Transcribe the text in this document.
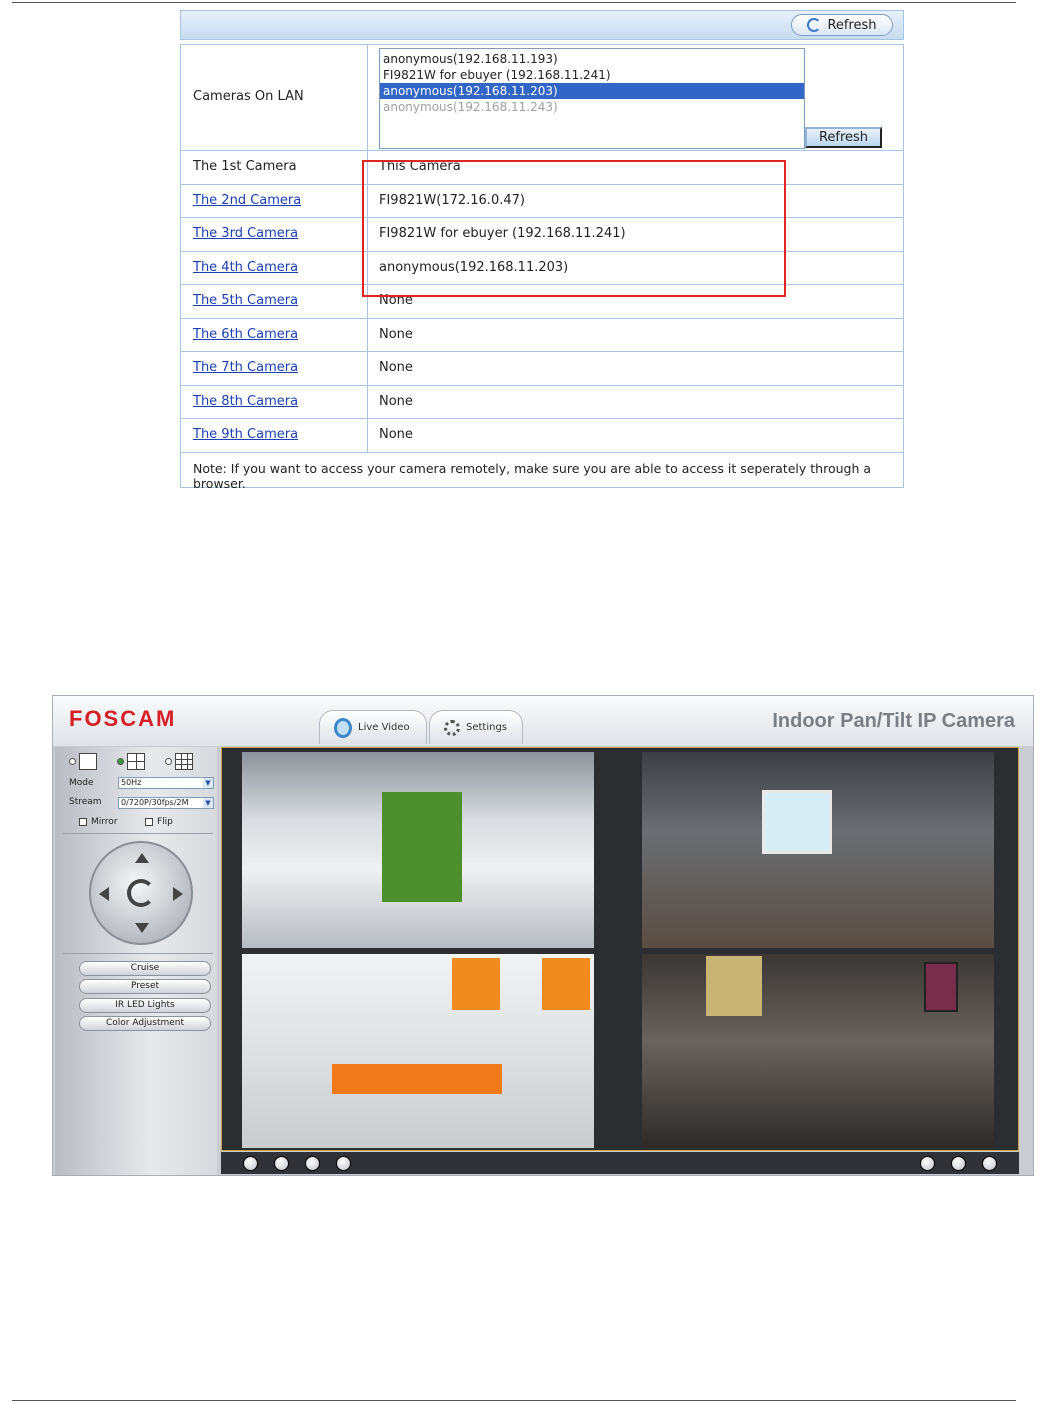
Refresh
Cameras On LAN
anonymous(192.168.11.193)
FI9821W for ebuyer (192.168.11.241)
anonymous(192.168.11.203)
anonymous(192.168.11.243)
Refresh
The 1st Camera	This Camera
The 2nd Camera	FI9821W(172.16.0.47)
The 3rd Camera	FI9821W for ebuyer (192.168.11.241)
The 4th Camera	anonymous(192.168.11.203)
The 5th Camera	None
The 6th Camera	None
The 7th Camera	None
The 8th Camera	None
The 9th Camera	None
Note: If you want to access your camera remotely, make sure you are able to access it seperately through a browser.
FOSCAM	Live Video	Settings	Indoor Pan/Tilt IP Camera
Mode	50Hz	▼
Stream	0/720P/30fps/2M	▼
Mirror	Flip
Cruise
Preset
IR LED Lights
Color Adjustment
